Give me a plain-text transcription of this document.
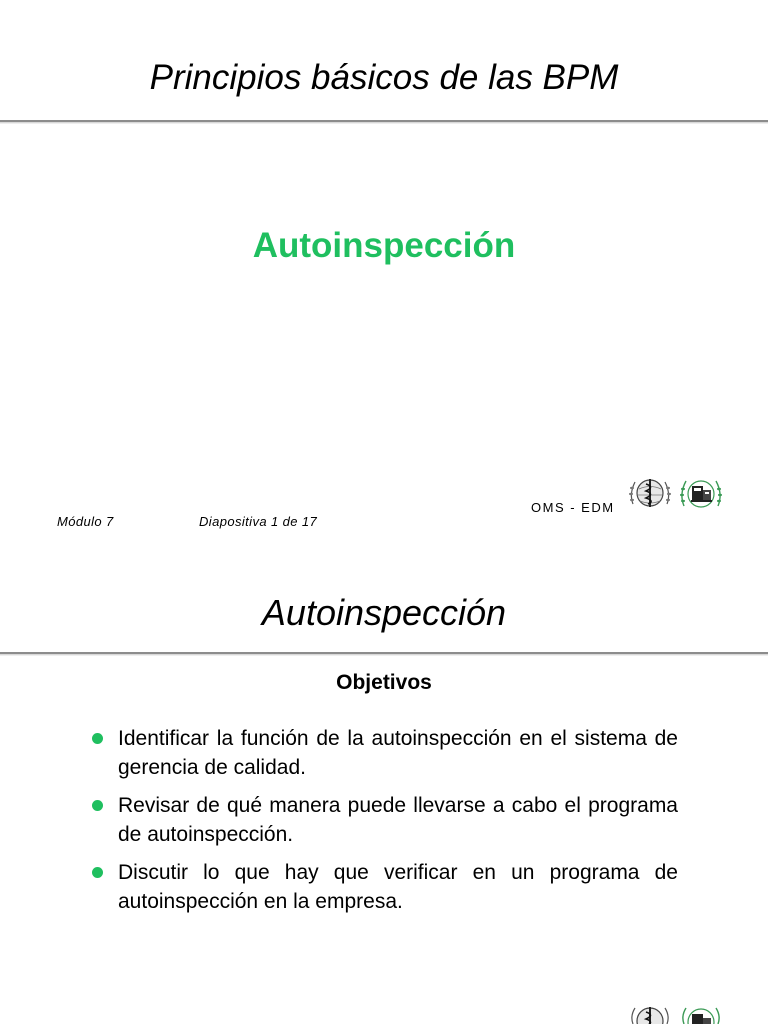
Principios básicos de las BPM
Autoinspección
Módulo 7	Diapositiva 1 de 17
OMS - EDM
Autoinspección
Objetivos
Identificar la función de la autoinspección en el sistema de gerencia de calidad.
Revisar de qué manera puede llevarse a cabo el programa de autoinspección.
Discutir lo que hay que verificar en un programa de autoinspección en la empresa.
